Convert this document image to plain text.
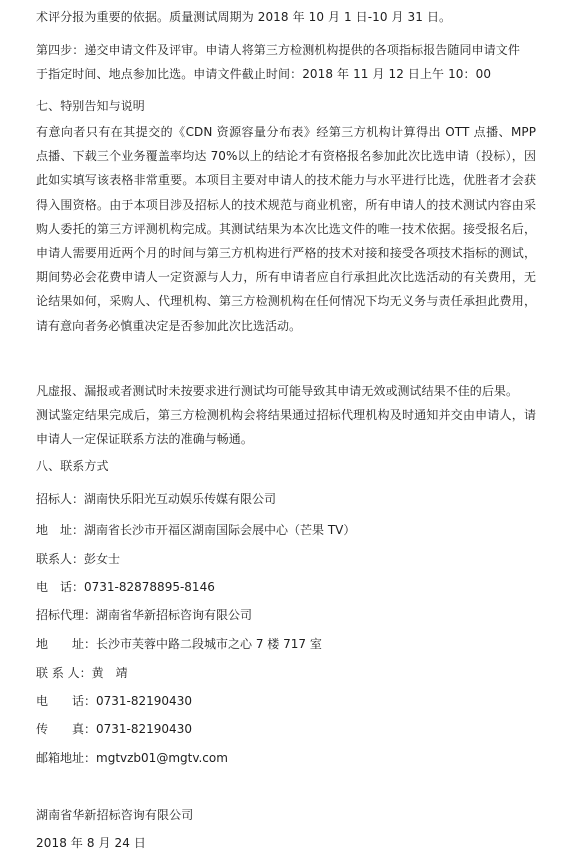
术评分报为重要的依据。质量测试周期为 2018 年 10 月 1 日-10 月 31 日。
第四步：递交申请文件及评审。申请人将第三方检测机构提供的各项指标报告随同申请文件
于指定时间、地点参加比选。申请文件截止时间：2018 年 11 月 12 日上午 10：00
七、特别告知与说明
有意向者只有在其提交的《CDN 资源容量分布表》经第三方机构计算得出 OTT 点播、MPP 点播、下载三个业务覆盖率均达 70%以上的结论才有资格报名参加此次比选申请（投标），因此如实填写该表格非常重要。本项目主要对申请人的技术能力与水平进行比选，优胜者才会获得入围资格。由于本项目涉及招标人的技术规范与商业机密，所有申请人的技术测试内容由采购人委托的第三方评测机构完成。其测试结果为本次比选文件的唯一技术依据。接受报名后，申请人需要用近两个月的时间与第三方机构进行严格的技术对接和接受各项技术指标的测试，期间势必会花费申请人一定资源与人力，所有申请者应自行承担此次比选活动的有关费用，无论结果如何，采购人、代理机构、第三方检测机构在任何情况下均无义务与责任承担此费用，请有意向者务必慎重决定是否参加此次比选活动。
凡虚报、漏报或者测试时未按要求进行测试均可能导致其申请无效或测试结果不佳的后果。
测试鉴定结果完成后，第三方检测机构会将结果通过招标代理机构及时通知并交由申请人，请申请人一定保证联系方法的准确与畅通。
八、联系方式
招标人：湖南快乐阳光互动娱乐传媒有限公司
地　址：湖南省长沙市开福区湖南国际会展中心（芒果 TV）
联系人：彭女士
电　话：0731-82878895-8146
招标代理：湖南省华新招标咨询有限公司
地　　址：长沙市芙蓉中路二段城市之心 7 楼 717 室
联 系 人：黄　靖
电　　话：0731-82190430
传　　真：0731-82190430
邮箱地址：mgtvzb01@mgtv.com
湖南省华新招标咨询有限公司
2018 年 8 月 24 日
